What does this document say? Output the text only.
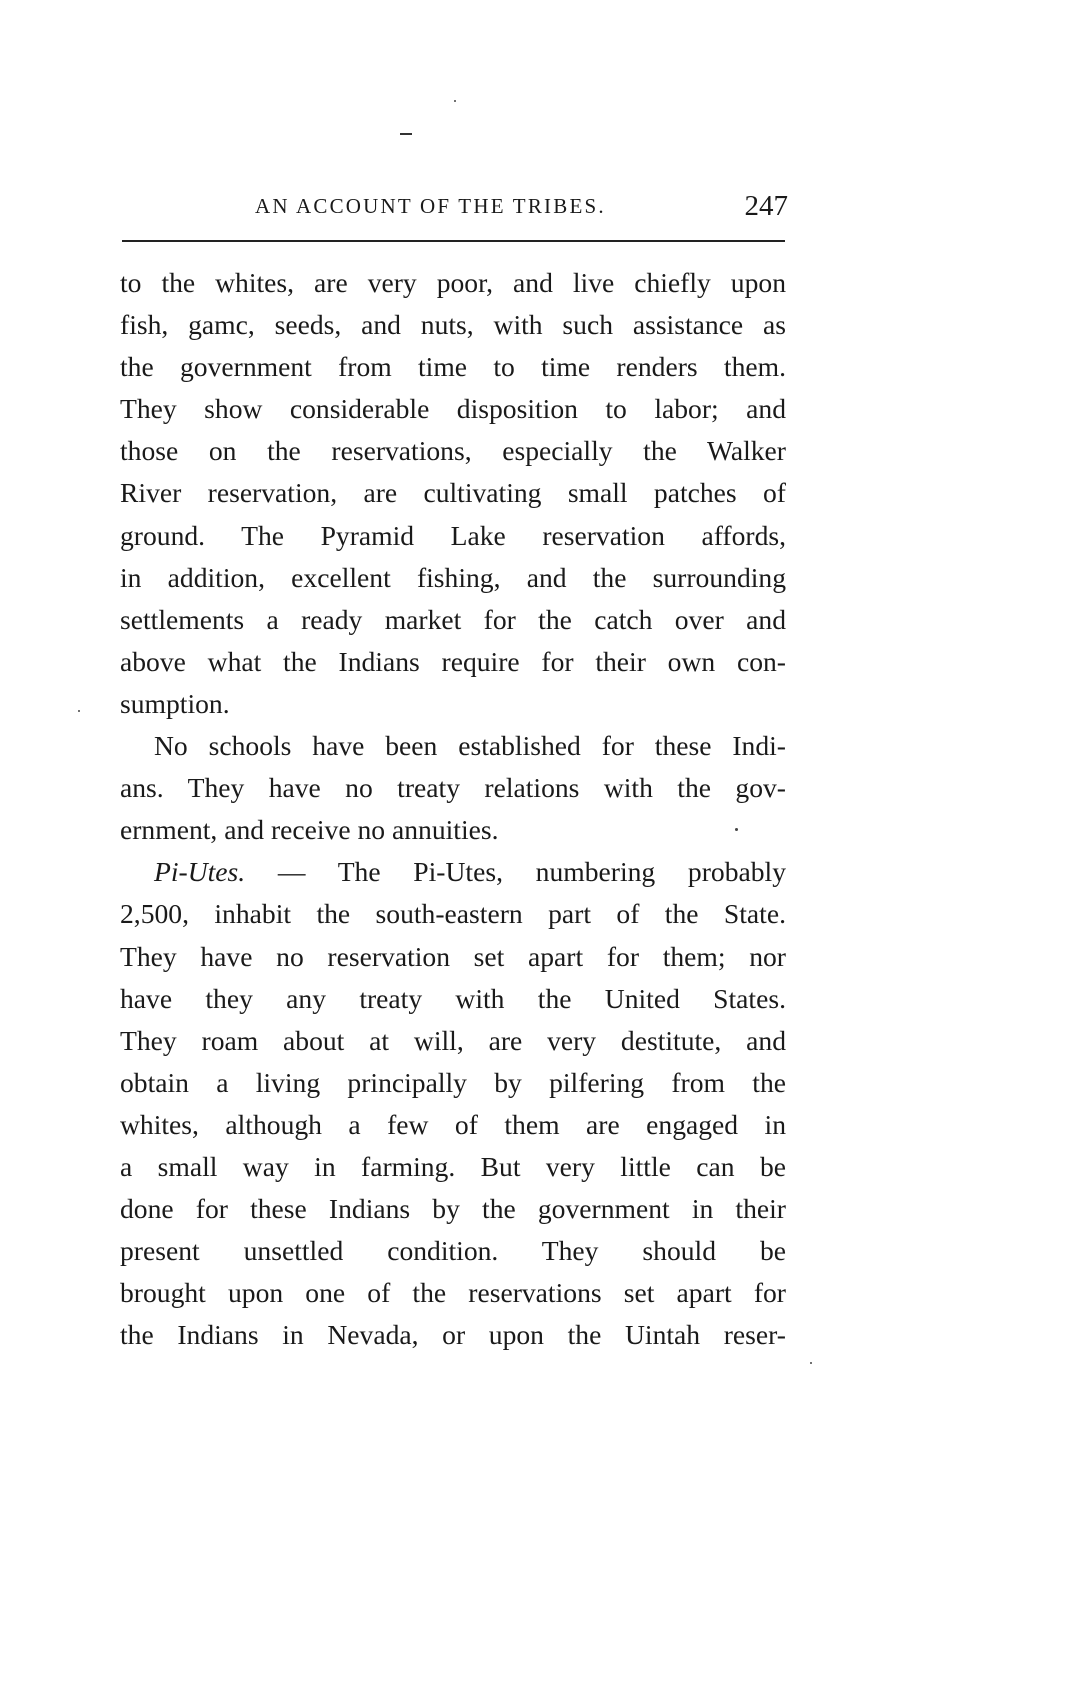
AN ACCOUNT OF THE TRIBES.	247
to the whites, are very poor, and live chiefly upon
fish, gamc, seeds, and nuts, with such assistance as
the government from time to time renders them.
They show considerable disposition to labor; and
those on the reservations, especially the Walker
River reservation, are cultivating small patches of
ground. The Pyramid Lake reservation affords,
in addition, excellent fishing, and the surrounding
settlements a ready market for the catch over and
above what the Indians require for their own con-
sumption.
No schools have been established for these Indi-
ans. They have no treaty relations with the gov-
ernment, and receive no annuities.
Pi-Utes. — The Pi-Utes, numbering probably
2,500, inhabit the south-eastern part of the State.
They have no reservation set apart for them; nor
have they any treaty with the United States.
They roam about at will, are very destitute, and
obtain a living principally by pilfering from the
whites, although a few of them are engaged in
a small way in farming. But very little can be
done for these Indians by the government in their
present unsettled condition. They should be
brought upon one of the reservations set apart for
the Indians in Nevada, or upon the Uintah reser-
